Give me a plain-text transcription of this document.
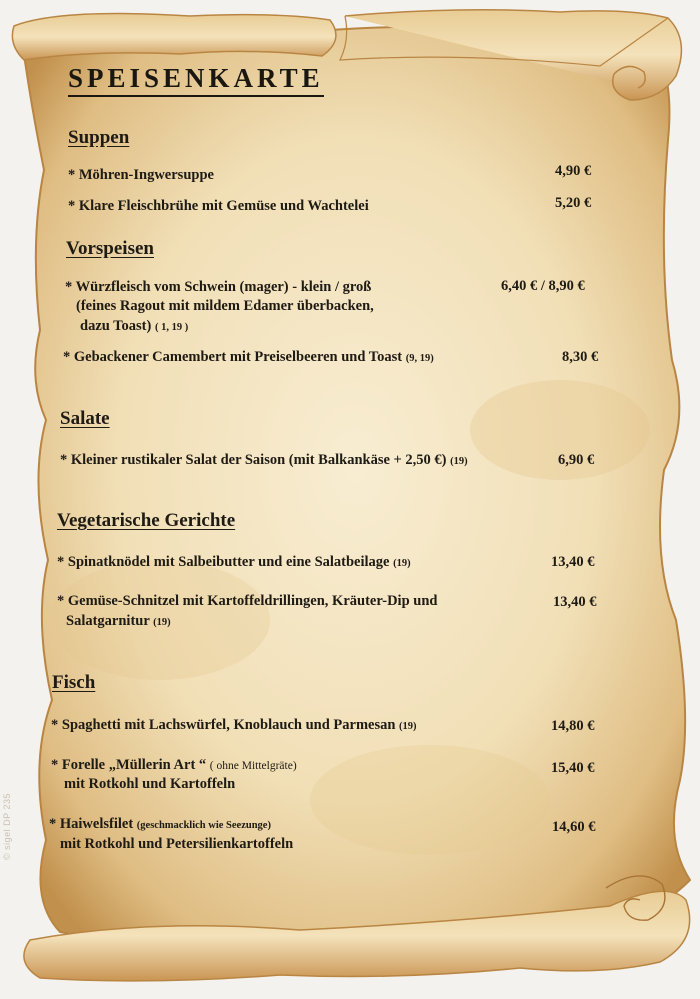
SPEISENKARTE
Suppen
* Möhren-Ingwersuppe	4,90 €
* Klare Fleischbrühe mit Gemüse und Wachtelei	5,20 €
Vorspeisen
* Würzfleisch vom Schwein (mager) - klein / groß	6,40 € / 8,90 €
(feines Ragout mit mildem Edamer überbacken,
dazu Toast) ( 1, 19 )
* Gebackener Camembert mit Preiselbeeren und Toast (9, 19)	8,30 €
Salate
* Kleiner rustikaler Salat der Saison (mit Balkankäse + 2,50 €) (19)	6,90 €
Vegetarische Gerichte
* Spinatknödel mit Salbeibutter und eine Salatbeilage (19)	13,40 €
* Gemüse-Schnitzel mit Kartoffeldrillingen, Kräuter-Dip und	13,40 €
Salatgarnitur (19)
Fisch
* Spaghetti mit Lachswürfel, Knoblauch und Parmesan (19)	14,80 €
* Forelle „Müllerin Art “ ( ohne Mittelgräte)	15,40 €
mit Rotkohl und Kartoffeln
* Haiwelsfilet (geschmacklich wie Seezunge)	14,60 €
mit Rotkohl und Petersilienkartoffeln
© sigel DP 235
